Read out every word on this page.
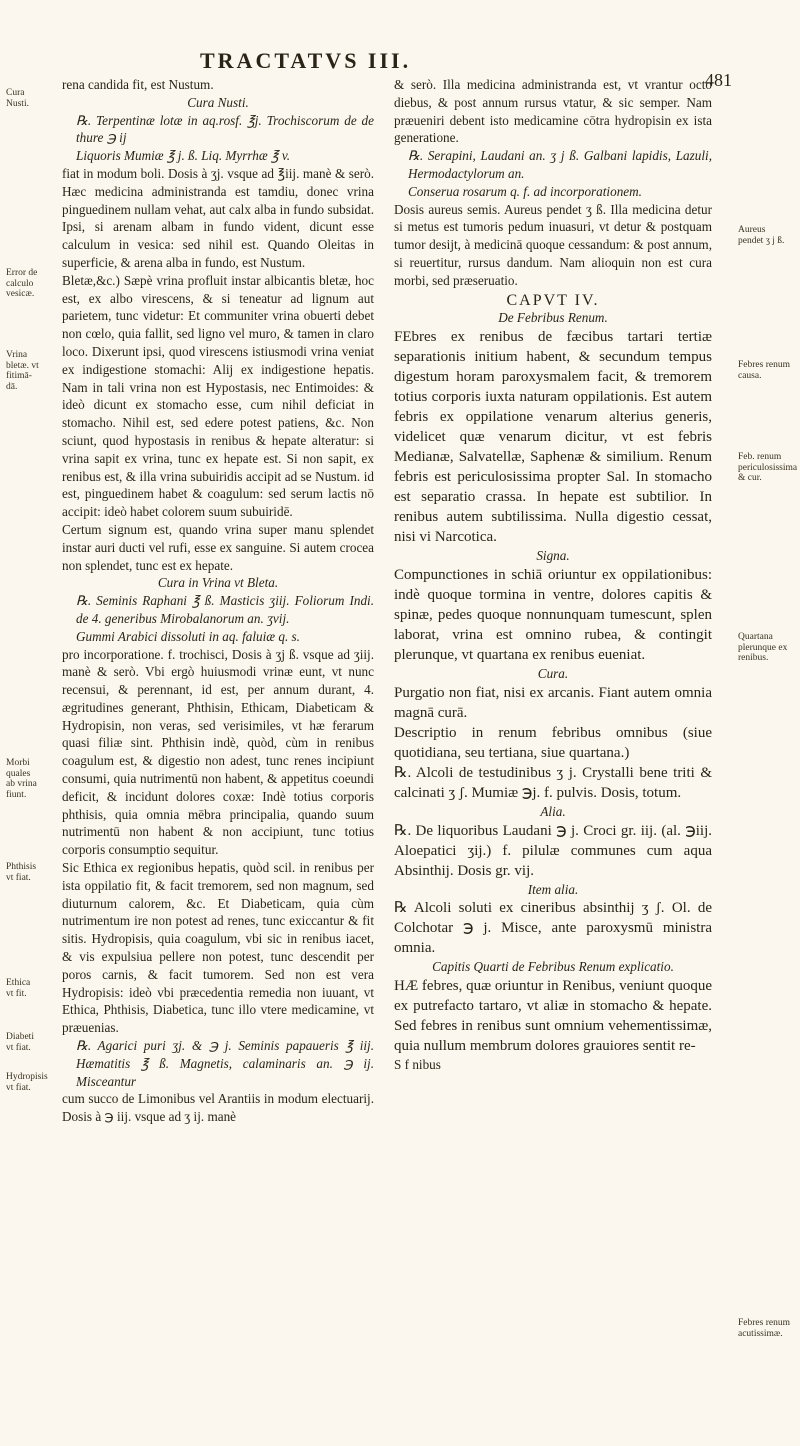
TRACTATVS III.
481

rena candida fit, est Nustum.

Cura Nusti.

℞. Terpentinæ lotæ in aq.rosf. ℥j. Trochiscorum de de thure ℈ ij

Liquoris Mumiæ ℥ j. ß. Liq. Myrrhæ ℥ v.

fiat in modum boli. Dosis à ʒj. vsque ad ℥iij. manè & serò. Hæc medicina administranda est tamdiu, donec vrina pinguedinem nullam vehat, aut calx alba in fundo subsidat. Ipsi, si arenam albam in fundo vident, dicunt esse calculum in vesica: sed nihil est. Quando Oleitas in superficie, & arena alba in fundo, est Nustum.

Bletæ,&c.) Sæpè vrina profluit instar albicantis bletæ, hoc est, ex albo virescens, & si teneatur ad lignum aut parietem, tunc videtur: Et communiter vrina obuerti debet non cœlo, quia fallit, sed ligno vel muro, & tamen in claro loco. Dixerunt ipsi, quod virescens istiusmodi vrina veniat ex indigestione stomachi: Alij ex indigestione hepatis. Nam in tali vrina non est Hypostasis, nec Entimoides: & ideò dicunt ex stomacho esse, cum nihil deficiat in stomacho. Nihil est, sed edere potest patiens, &c. Non sciunt, quod hypostasis in renibus & hepate alteratur: si vrina sapit ex vrina, tunc ex hepate est. Si non sapit, ex renibus est, & illa vrina subuiridis accipit ad se Nustum. id est, pinguedinem habet & coagulum: sed serum lactis nō accipit: ideò habet colorem suum subuiridē.

Certum signum est, quando vrina super manu splendet instar auri ducti vel rufi, esse ex sanguine. Si autem crocea non splendet, tunc est ex hepate.

Cura in Vrina vt Bleta.

℞. Seminis Raphani ℥ ß. Masticis ʒiij. Foliorum Indi. de 4. generibus Mirobalanorum an. ʒvij.

Gummi Arabici dissoluti in aq. faluiæ q. s.

pro incorporatione. f. trochisci, Dosis à ʒj ß. vsque ad ʒiij. manè & serò. Vbi ergò huiusmodi vrinæ eunt, vt nunc recensui, & perennant, id est, per annum durant, 4. ægritudines generant, Phthisin, Ethicam, Diabeticam & Hydropisin, non veras, sed verisimiles, vt hæ ferarum quasi filiæ sint. Phthisin indè, quòd, cùm in renibus coagulum est, & digestio non adest, tunc renes incipiunt consumi, quia nutrimentū non habent, & appetitus coeundi deficit, & incidunt dolores coxæ: Indè totius corporis phthisis, quia omnia mēbra principalia, quando suum nutrimentū non habent & non accipiunt, tunc totius corporis consumptio sequitur.

Sic Ethica ex regionibus hepatis, quòd scil. in renibus per ista oppilatio fit, & facit tremorem, sed non magnum, sed diuturnum calorem, &c. Et Diabeticam, quia cùm nutrimentum ire non potest ad renes, tunc exiccantur & fit sitis. Hydropisis, quia coagulum, vbi sic in renibus iacet, & vis expulsiua pellere non potest, tunc descendit per poros carnis, & facit tumorem. Sed non est vera Hydropisis: ideò vbi præcedentia remedia non iuuant, vt Ethica, Phthisis, Diabetica, tunc illo vtere medicamine, vt præuenias.

℞. Agarici puri ʒj. & ℈ j. Seminis papaueris ℥ iij. Hæmatitis ℥ ß. Magnetis, calaminaris an. ℈ ij. Misceantur

cum succo de Limonibus vel Arantiis in modum electuarij. Dosis à ℈ iij. vsque ad ʒ ij. manè

& serò. Illa medicina administranda est, vt vrantur octo diebus, & post annum rursus vtatur, & sic semper. Nam præueniri debent isto medicamine cōtra hydropisin ex ista generatione.

℞. Serapini, Laudani an. ʒ j ß. Galbani lapidis, Lazuli, Hermodactylorum an.

Conserua rosarum q. f. ad incorporationem.

Dosis aureus semis. Aureus pendet ʒ ß. Illa medicina detur si metus est tumoris pedum inuasuri, vt detur & postquam tumor desijt, à medicinā quoque cessandum: & post annum, si reuertitur, rursus dandum. Nam alioquin non est cura morbi, sed præseruatio.

CAPVT IV.

De Febribus Renum.

FEbres ex renibus de fæcibus tartari tertiæ separationis initium habent, & secundum tempus digestum horam paroxysmalem facit, & tremorem totius corporis iuxta naturam oppilationis. Est autem febris ex oppilatione venarum alterius generis, videlicet quæ venarum dicitur, vt est febris Medianæ, Salvatellæ, Saphenæ & similium. Renum febris est periculosissima propter Sal. In stomacho est separatio crassa. In hepate est subtilior. In renibus autem subtilissima. Nulla digestio cessat, nisi vi Narcotica.

Signa.

Compunctiones in schiā oriuntur ex oppilationibus: indè quoque tormina in ventre, dolores capitis & spinæ, pedes quoque nonnunquam tumescunt, splen laborat, vrina est omnino rubea, & contingit plerunque, vt quartana ex renibus eueniat.

Cura.

Purgatio non fiat, nisi ex arcanis. Fiant autem omnia magnā curā.

Descriptio in renum febribus omnibus (siue quotidiana, seu tertiana, siue quartana.)

℞. Alcoli de testudinibus ʒ j. Crystalli bene triti & calcinati ʒ ʃ. Mumiæ ℈j. f. pulvis. Dosis, totum.

Alia.

℞. De liquoribus Laudani ℈ j. Croci gr. iij. (al. ℈iij. Aloepatici ʒij.) f. pilulæ communes cum aqua Absinthij. Dosis gr. vij.

Item alia.

℞ Alcoli soluti ex cineribus absinthij ʒ ʃ. Ol. de Colchotar ℈ j. Misce, ante paroxysmū ministra omnia.

Capitis Quarti de Febribus Renum explicatio.

HÆ febres, quæ oriuntur in Renibus, veniunt quoque ex putrefacto tartaro, vt aliæ in stomacho & hepate. Sed febres in renibus sunt omnium vehementissimæ, quia nullum membrum dolores grauiores sentit re-

S f nibus

Cura Nusti.
Error de calculo vesicæ.
Vrina bletæ. vt fitimā-dā.
Morbi quales ab vrina fiunt.
Phthisis vt fiat.
Ethica vt fit.
Diabeti vt fiat.
Hydropisis vt fiat.
Aureus pendet ʒ j ß.
Febres renum causa.
Feb. renum periculosissima & cur.
Quartana plerunque ex renibus.
Febres renum acutissimæ.
